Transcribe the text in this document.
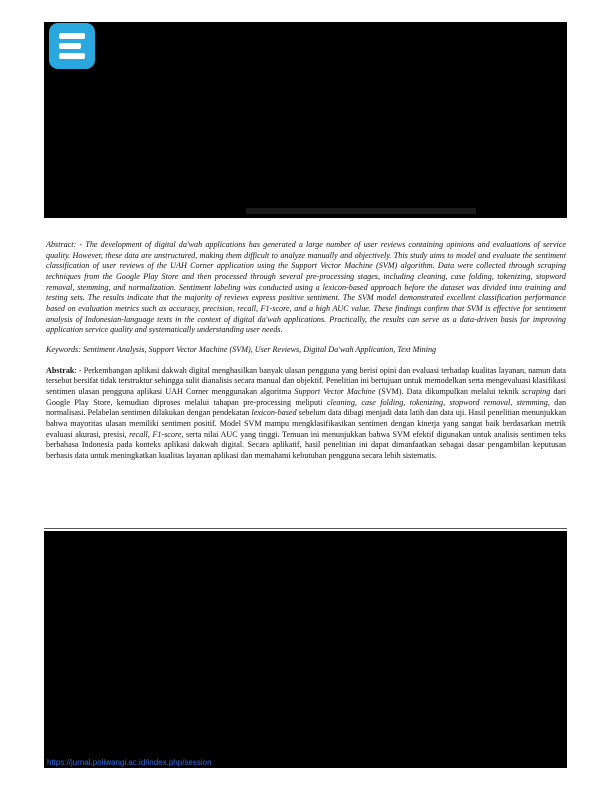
Abstract: - The development of digital da'wah applications has generated a large number of user reviews containing opinions and evaluations of service quality. However, these data are unstructured, making them difficult to analyze manually and objectively. This study aims to model and evaluate the sentiment classification of user reviews of the UAH Corner application using the Support Vector Machine (SVM) algorithm. Data were collected through scraping techniques from the Google Play Store and then processed through several pre-processing stages, including cleaning, case folding, tokenizing, stopword removal, stemming, and normalization. Sentiment labeling was conducted using a lexicon-based approach before the dataset was divided into training and testing sets. The results indicate that the majority of reviews express positive sentiment. The SVM model demonstrated excellent classification performance based on evaluation metrics such as accuracy, precision, recall, F1-score, and a high AUC value. These findings confirm that SVM is effective for sentiment analysis of Indonesian-language texts in the context of digital da'wah applications. Practically, the results can serve as a data-driven basis for improving application service quality and systematically understanding user needs.

Keywords: Sentiment Analysis, Support Vector Machine (SVM), User Reviews, Digital Da'wah Application, Text Mining

Abstrak: - Perkembangan aplikasi dakwah digital menghasilkan banyak ulasan pengguna yang berisi opini dan evaluasi terhadap kualitas layanan, namun data tersebut bersifat tidak terstruktur sehingga sulit dianalisis secara manual dan objektif. Penelitian ini bertujuan untuk memodelkan serta mengevaluasi klasifikasi sentimen ulasan pengguna aplikasi UAH Corner menggunakan algoritma Support Vector Machine (SVM). Data dikumpulkan melalui teknik scraping dari Google Play Store, kemudian diproses melalui tahapan pre-processing meliputi cleaning, case folding, tokenizing, stopword removal, stemming, dan normalisasi. Pelabelan sentimen dilakukan dengan pendekatan lexicon-based sebelum data dibagi menjadi data latih dan data uji. Hasil penelitian menunjukkan bahwa mayoritas ulasan memiliki sentimen positif. Model SVM mampu mengklasifikasikan sentimen dengan kinerja yang sangat baik berdasarkan metrik evaluasi akurasi, presisi, recall, F1-score, serta nilai AUC yang tinggi. Temuan ini menunjukkan bahwa SVM efektif digunakan untuk analisis sentimen teks berbahasa Indonesia pada konteks aplikasi dakwah digital. Secara aplikatif, hasil penelitian ini dapat dimanfaatkan sebagai dasar pengambilan keputusan berbasis data untuk meningkatkan kualitas layanan aplikasi dan memahami kebutuhan pengguna secara lebih sistematis.

https://jurnal.poliwangi.ac.id/index.php/session
